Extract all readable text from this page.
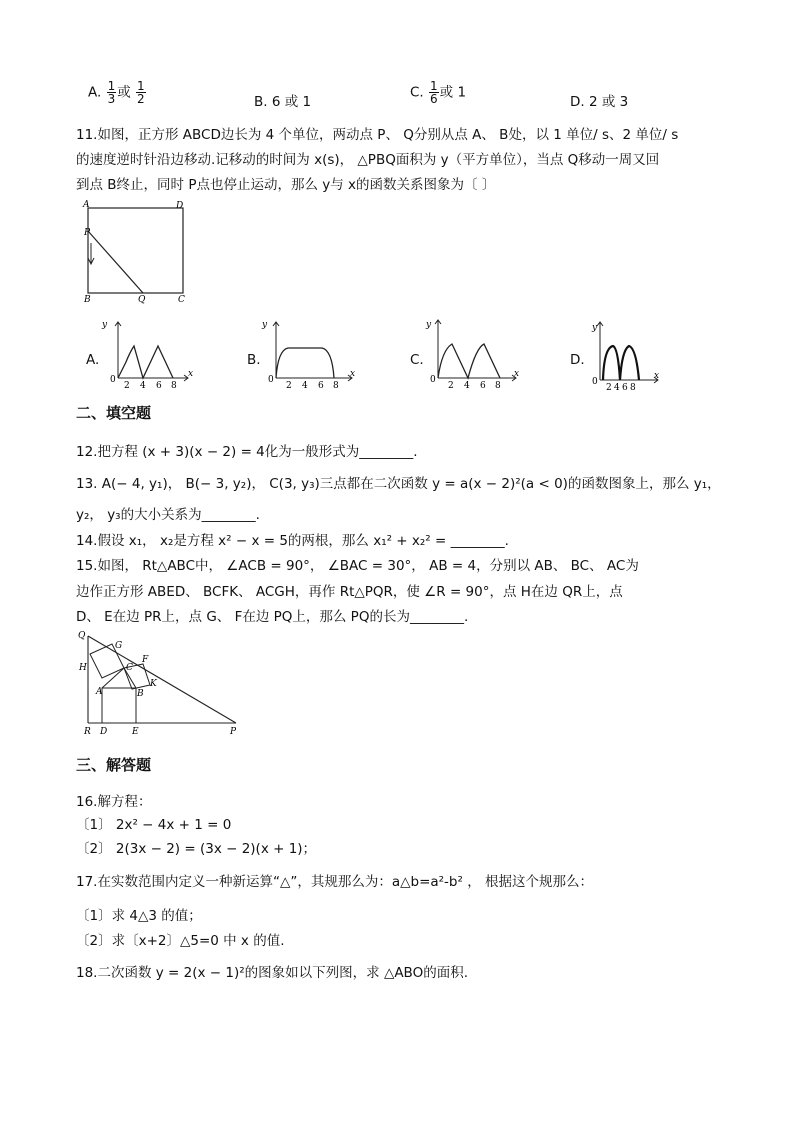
A. $\frac{1}{3}$ 或 $\frac{1}{2}$	B. 6 或 1
C. $\frac{1}{6}$ 或 1
D. 2 或 3
11.如图，正方形 ABCD边长为 4 个单位，两动点 P、 Q分别从点 A、 B处，以 1 单位/ s、2 单位/ s
的速度逆时针沿边移动.记移动的时间为 x(s)， △PBQ面积为 y（平方单位），当点 Q移动一周又回
到点 B终止，同时 P点也停止运动，那么 y与 x的函数关系图象为〔 〕
A	D
P
B	Q	C
A.
y
x
0
2 4 6 8
B.
y
x
0
2 4 6 8
C.
y
x
0
2 4 6 8
D.
y
x
0
2 4 6 8
二、填空题
12.把方程 (x + 3)(x − 2) = 4化为一般形式为________.
13. A(− 4, y₁)， B(− 3, y₂)， C(3, y₃)三点都在二次函数 y = a(x − 2)²(a < 0)的函数图象上，那么 y₁，
y₂， y₃的大小关系为________.
14.假设 x₁， x₂是方程 x² − x = 5的两根，那么 x₁² + x₂² = ________.
15.如图， Rt△ABC中， ∠ACB = 90°， ∠BAC = 30°， AB = 4，分别以 AB、 BC、 AC为
边作正方形 ABED、 BCFK、 ACGH，再作 Rt△PQR，使 ∠R = 90°，点 H在边 QR上，点
D、 E在边 PR上，点 G、 F在边 PQ上，那么 PQ的长为________.
Q
G
H	C
F
A	B
K
R D	E	P
三、解答题
16.解方程：
〔1〕 2x² − 4x + 1 = 0
〔2〕 2(3x − 2) = (3x − 2)(x + 1)；
17.在实数范围内定义一种新运算“△”，其规那么为：a△b=a²-b² ， 根据这个规那么：
〔1〕求 4△3 的值；
〔2〕求〔x+2〕△5=0 中 x 的值.
18.二次函数 y = 2(x − 1)²的图象如以下列图，求 △ABO的面积.
